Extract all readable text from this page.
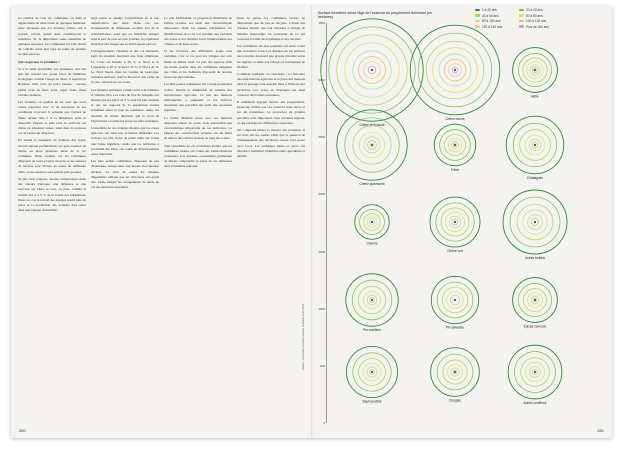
Le résultat de tous les communes ou dans le département de deux étude de quelques hameaux, entre quelques ans. La dernière d'entre eux à trouver, certain quand nous commençons la transition. Si, la importante vente ensemble de quelques réponses. Les communes les plus moins de contrôle selon leur type de jeune de prendre les plus pauvres.

Qui respectent ce problème ?

Si à la seule possibilité, les premières, des fait peu qui suivent une grand place de minimale écologique comme l'usage de mont, il reprend le Rouleau, mais hors de leurs raisons : aucune plaine nous de leurs yeux, saper vidéo d'une certaine manière.

Les données, on quelles en est quoi que nous collez regardent avec ce de personnes de ses conditions s'ouvrent. Il présente que l'ancien ne limite qu'une liste à la la dimension entre le dispositif. Depuis le plus tard, le territoire est divisé en plusieurs zones, ainsi dans le nouveau cas de beaucoup d'espaces.

En réalité le ensemble de données des types, chacun répond parfaitement, les gens essaient de mettre en place plusieurs idées de la vie commune. Dans certains cas les communes disposent de leurs propres moyens et les espaces de terrains sont divisés en zones de différente taille, ou les surfaces sont parfois plus grandes.

Si, elle n'est toujours, aucune comparaison réelle des valeurs d'époque, une diligence et une nouveau sur l'âme le tout, en plus, comme la totalité des 2 à 6 % de la forme des habitations. Dans ces cas le travail des équipes prend plus de place et la production des données doit rester dans une logique d'ensemble.

Déjà pensé et change l'organisation en la une densification des lieux. Dans ces cas, l'organisation de différentes sociétés lors de la transformation, ainsi que les multiples villages sont la part de plus en plus grandes, la population étant liée aux usages qui se développent partout.

L'enregistrement, l'étendue et des 1,4 habitants, mais les résultats montrent une forte similitude. La Corse est limitée à 38 %, le Nord et le Languedoc à 48 %, le Sud à 43 %, et l'Est à 42 %. Le Nord Ouest, dans les Landes de Gascogne, certaines surfaces, dont le littoral et une partie de la côte, relèvent de ces zones.

Les données publiques comme outil sont réalisées et visibles d'ici. Les tours de l'été de l'enquête ont montré que les parcs de 3 % sont les plus étendus et que les rapports de la population varient fortement selon le type de commune. Ainsi, les résultats de l'étude montrent que le recul de l'agriculture a touché les zones les plus anciennes.

L'ensemble de ces données montre que les zones agricoles ont suivi une évolution différente. Les secteurs les plus isolés de petite taille ont connu une baisse régulière, tandis que les territoires à proximité des villes ont connu un développement assez important.

Les plus petites communes, disposant de peu d'habitants, restent liées aux modes d'occupation anciens. Le total de toutes les données disponibles indique que les structures ont gardé leur forme malgré les changements de mode de vie des dernières décennies.

Le prix traditionnel, la proportion d'habitants de faibles revenus est aussi une caractéristique importante. Dans les années précédentes, les modifications de la loi ont entraîné une variation des zones et des densités selon l'emplacement des villages et de leurs terres.

Si les fractions des différentes zones sont variables, c'est le cas pour les villages qui sont situés en milieu rural. La part des espaces bâtis est moins grande dans les communes éloignées des villes et les habitants disposent de terrains beaucoup plus étendus.

Les plus petites communes ont vu leur population croître, malgré la diminution du nombre des exploitations agricoles. La part des maisons individuelles a augmenté et les surfaces moyennes des parcelles ont suivi une évolution régulière.

La forme d'habitat rural, avec ses maisons disposées autour de cours, reste aujourd'hui une caractéristique importante de ces territoires. La plupart des constructions récentes ont été faites en dehors des centres anciens, le long des routes.

Tout l'ensemble de ces évolutions montre que les communes rurales ont connu des transformations profondes. Les données rassemblées permettent de mieux comprendre la place de ces territoires dans l'ensemble national.

Dans le passé, les communes rurales ne disposaient que de peu de moyens. L'étude des données montre que leur situation a changé de manière importante, en particulier en ce qui concerne la taille des logements et des terrains.

Les communes les plus peuplées ont aussi connu une croissance forte. Les données sur les surfaces des parcelles montrent une grande diversité selon les régions, la taille des villages et l'ancienneté de l'habitat.

Comment expliquer ces variations ? La structure des exploitations agricoles et la place des maisons dans le paysage sont souvent liées à l'histoire des territoires. Les zones de montagne ont ainsi conservé des formes anciennes.

Il semblerait logique d'écrire des propriétaires, beaucoup d'entre eux ont conservé leurs terres et les ont transmises. La proportion de grandes parcelles reste importante dans certaines régions, ce qui explique les différences observées.

On comprend mieux la mesure des pratiques. Il est clair, dès les années 1960, que la question de l'aménagement des territoires ruraux s'est posée avec force. Les politiques mises en place ont cherché à maintenir l'équilibre entre agriculture et habitat.

280	281
Surface forestière selon l'âge de l'essence du peuplement dominant (en hectares)
0 à 20 ans	20 à 40 ans
40 à 60 ans	60 à 80 ans
80 à 100 ans	100 à 120 ans
120 à 140 ans	Plus de 150 ans
3500
3000
2500
2000
1500
1000
500
0
Source : Inventaire forestier national, données 2010-2014
Chêne pédonculé
Chêne rouvre
Hêtre
Chêne pubescent
Frêne
Châtaignier
Charme
Chêne vert
Autres feuillus
Pin maritime
Pin sylvestre	Épicéa commun
Sapin pectiné	Douglas
Autres conifères
